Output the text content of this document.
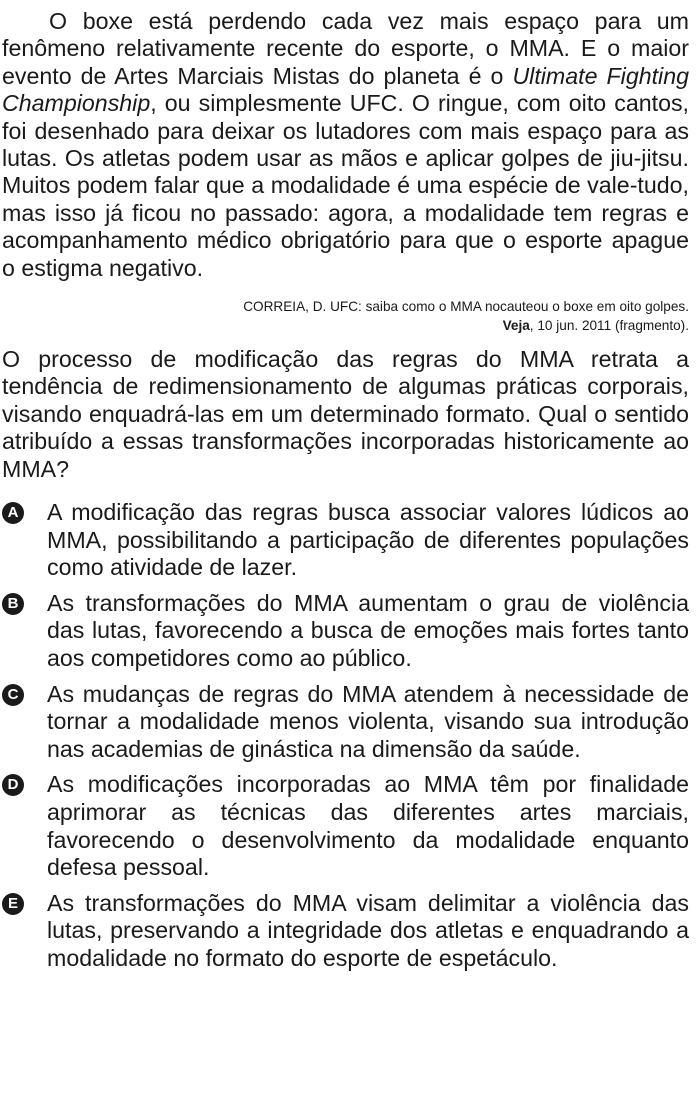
O boxe está perdendo cada vez mais espaço para um fenômeno relativamente recente do esporte, o MMA. E o maior evento de Artes Marciais Mistas do planeta é o Ultimate Fighting Championship, ou simplesmente UFC. O ringue, com oito cantos, foi desenhado para deixar os lutadores com mais espaço para as lutas. Os atletas podem usar as mãos e aplicar golpes de jiu-jitsu. Muitos podem falar que a modalidade é uma espécie de vale-tudo, mas isso já ficou no passado: agora, a modalidade tem regras e acompanhamento médico obrigatório para que o esporte apague o estigma negativo.

CORREIA, D. UFC: saiba como o MMA nocauteou o boxe em oito golpes.
Veja, 10 jun. 2011 (fragmento).

O processo de modificação das regras do MMA retrata a tendência de redimensionamento de algumas práticas corporais, visando enquadrá-las em um determinado formato. Qual o sentido atribuído a essas transformações incorporadas historicamente ao MMA?

A A modificação das regras busca associar valores lúdicos ao MMA, possibilitando a participação de diferentes populações como atividade de lazer.
B As transformações do MMA aumentam o grau de violência das lutas, favorecendo a busca de emoções mais fortes tanto aos competidores como ao público.
C As mudanças de regras do MMA atendem à necessidade de tornar a modalidade menos violenta, visando sua introdução nas academias de ginástica na dimensão da saúde.
D As modificações incorporadas ao MMA têm por finalidade aprimorar as técnicas das diferentes artes marciais, favorecendo o desenvolvimento da modalidade enquanto defesa pessoal.
E As transformações do MMA visam delimitar a violência das lutas, preservando a integridade dos atletas e enquadrando a modalidade no formato do esporte de espetáculo.
